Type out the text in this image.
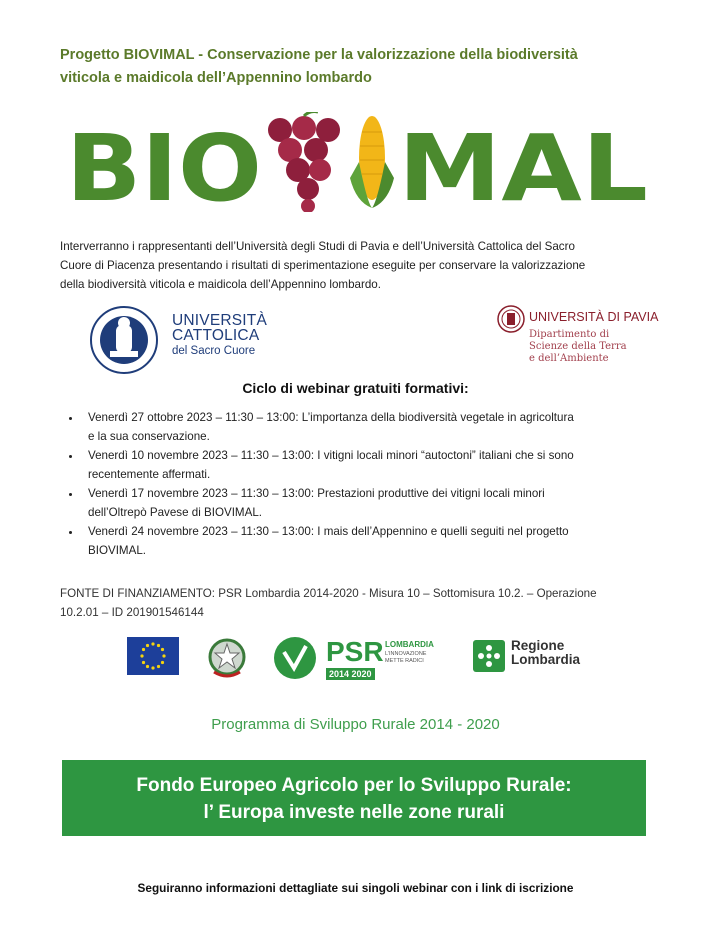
Progetto BIOVIMAL - Conservazione per la valorizzazione della biodiversità
viticola e maidicola dell’Appennino lombardo
BIO MAL
Interverranno i rappresentanti dell’Università degli Studi di Pavia e dell’Università Cattolica del Sacro
Cuore di Piacenza presentando i risultati di sperimentazione eseguite per conservare la valorizzazione
della biodiversità viticola e maidicola dell’Appennino lombardo.
UNIVERSITÀ
CATTOLICA
del Sacro Cuore
UNIVERSITÀ DI PAVIA
Dipartimento di
Scienze della Terra
e dell’Ambiente
Ciclo di webinar gratuiti formativi:
• Venerdì 27 ottobre 2023 – 11:30 – 13:00: L’importanza della biodiversità vegetale in agricoltura
e la sua conservazione.
• Venerdì 10 novembre 2023 – 11:30 – 13:00: I vitigni locali minori “autoctoni” italiani che si sono
recentemente affermati.
• Venerdì 17 novembre 2023 – 11:30 – 13:00: Prestazioni produttive dei vitigni locali minori
dell’Oltrepò Pavese di BIOVIMAL.
• Venerdì 24 novembre 2023 – 11:30 – 13:00: I mais dell’Appennino e quelli seguiti nel progetto
BIOVIMAL.
FONTE DI FINANZIAMENTO: PSR Lombardia 2014-2020 - Misura 10 – Sottomisura 10.2. – Operazione
10.2.01 – ID 201901546144
PSR
2014 2020
LOMBARDIA
L’INNOVAZIONE
METTE RADICI
Regione
Lombardia
Programma di Sviluppo Rurale 2014 - 2020
Fondo Europeo Agricolo per lo Sviluppo Rurale:
l’ Europa investe nelle zone rurali
Seguiranno informazioni dettagliate sui singoli webinar con i link di iscrizione
